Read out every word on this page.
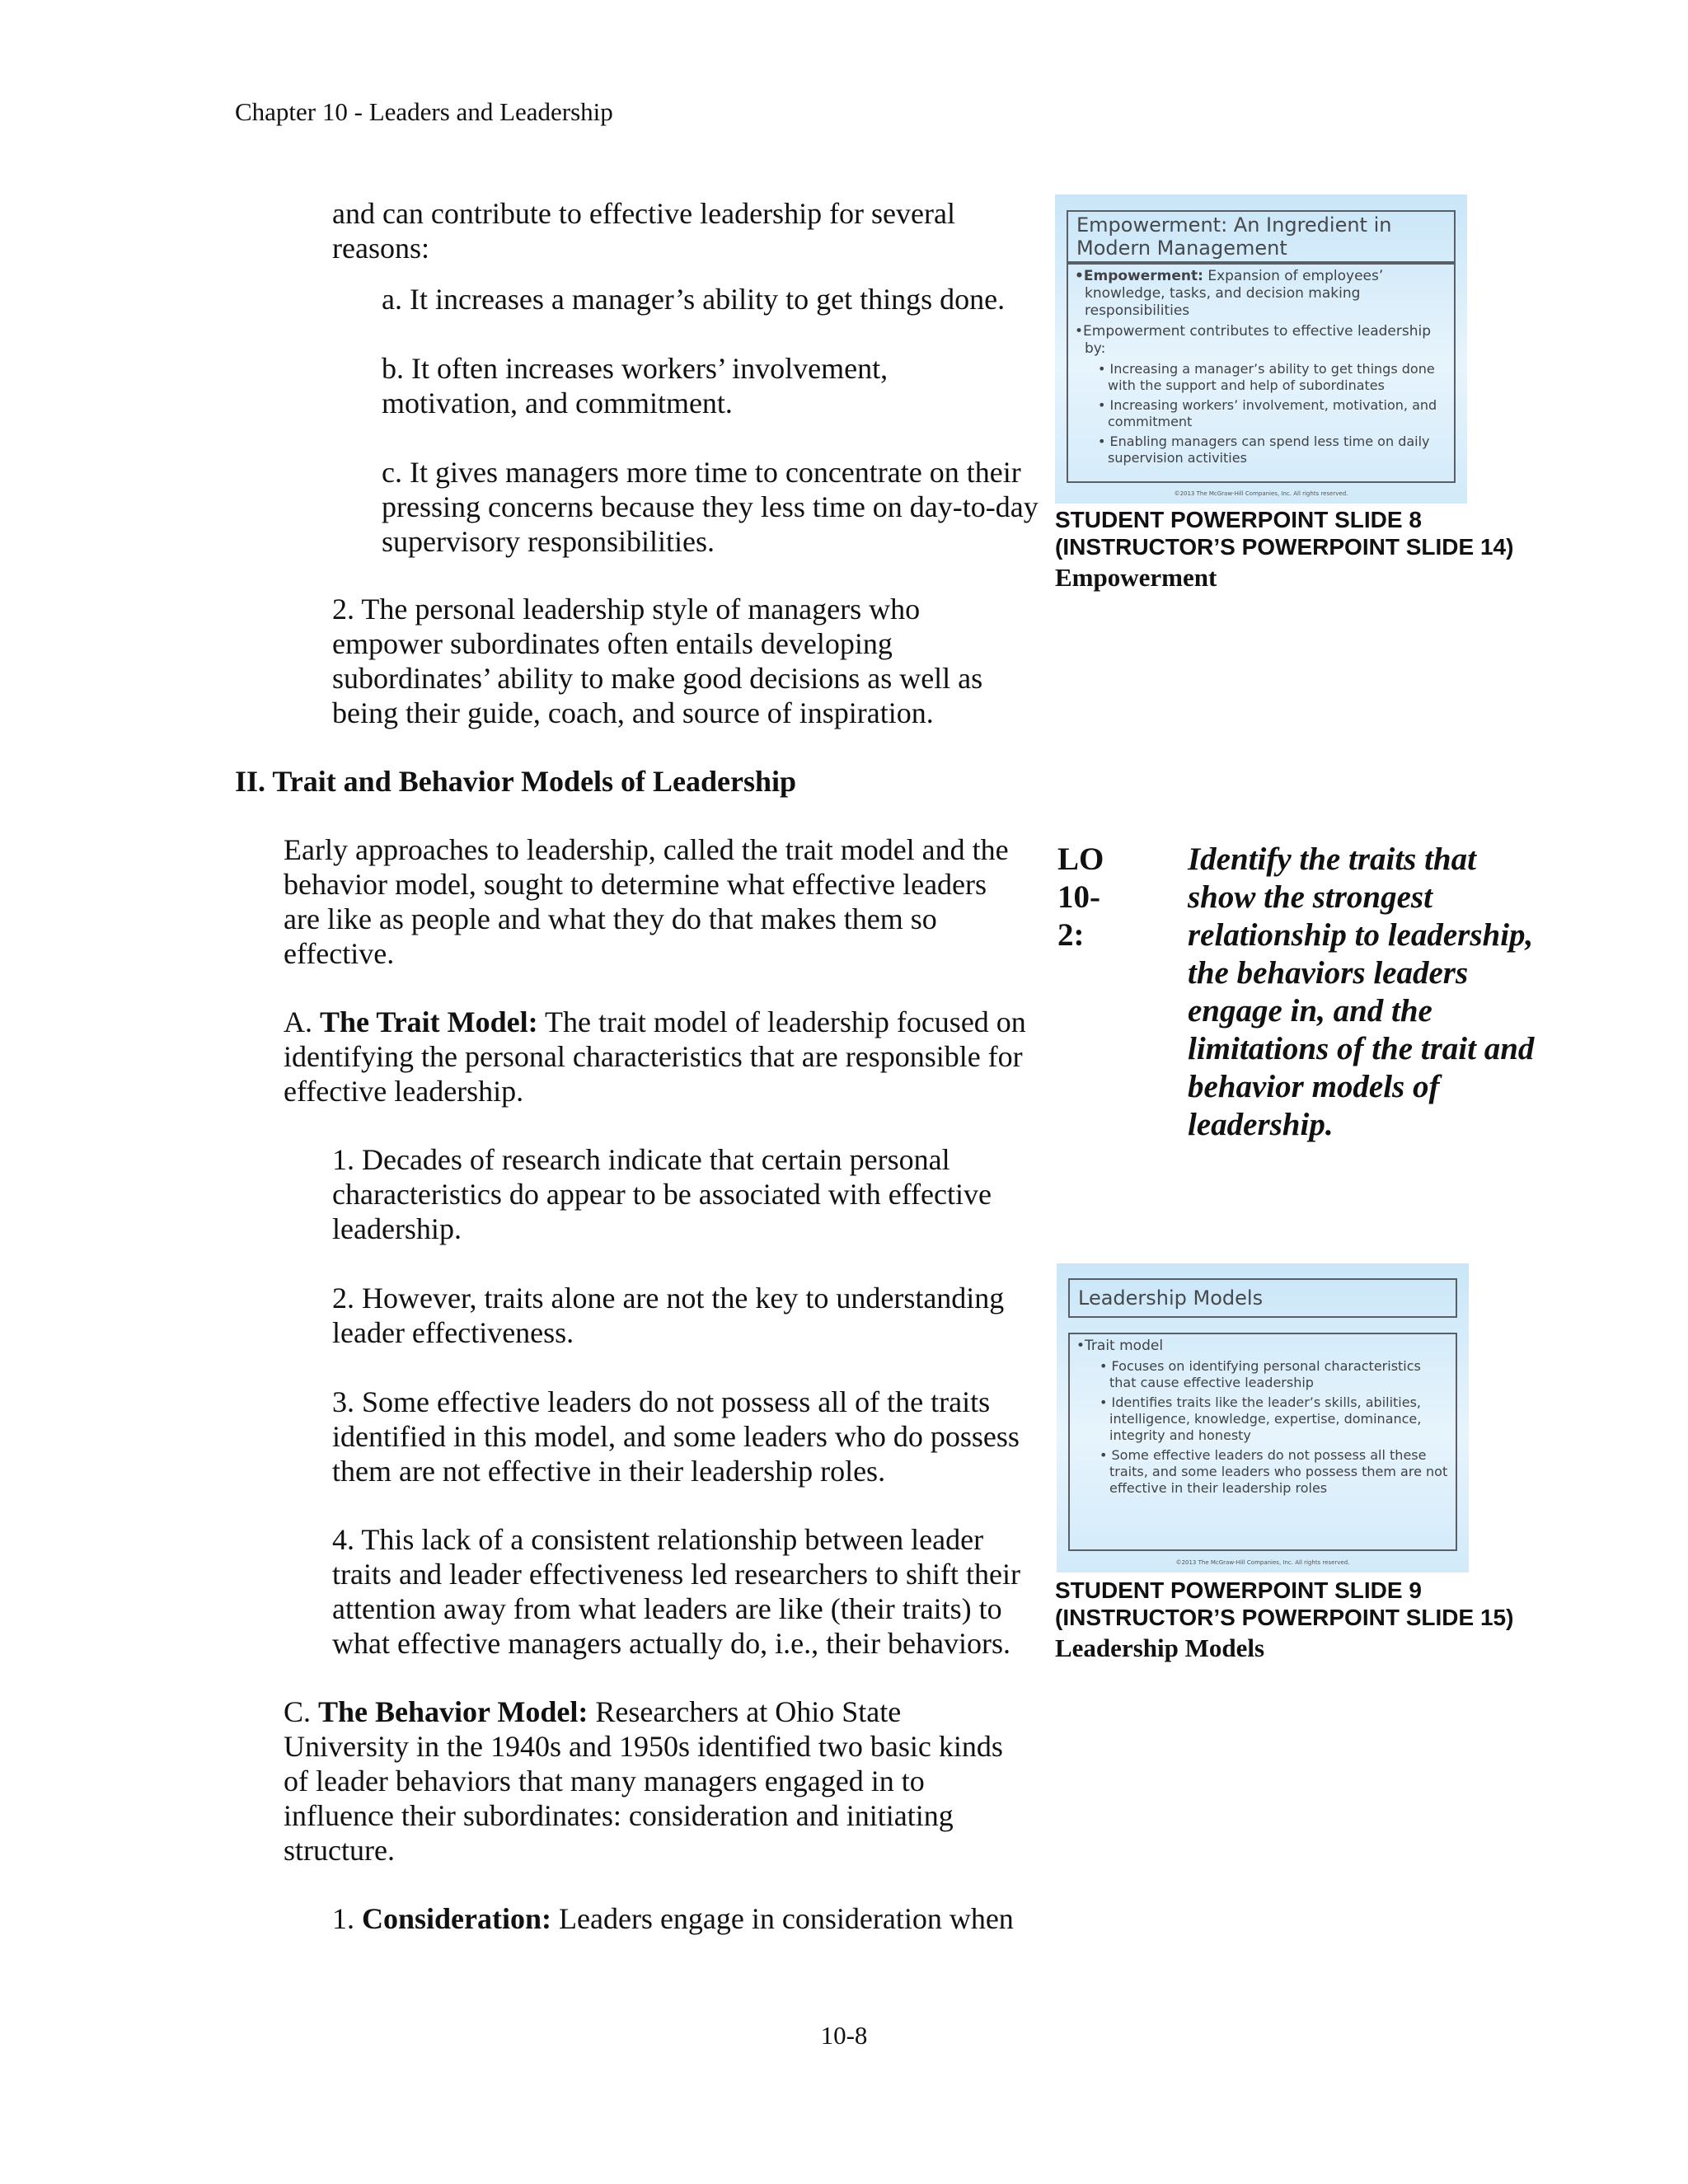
Chapter 10 - Leaders and Leadership

and can contribute to effective leadership for several reasons:

a. It increases a manager’s ability to get things done.

b. It often increases workers’ involvement, motivation, and commitment.

c. It gives managers more time to concentrate on their pressing concerns because they less time on day-to-day supervisory responsibilities.

2. The personal leadership style of managers who empower subordinates often entails developing subordinates’ ability to make good decisions as well as being their guide, coach, and source of inspiration.

II. Trait and Behavior Models of Leadership

Early approaches to leadership, called the trait model and the behavior model, sought to determine what effective leaders are like as people and what they do that makes them so effective.

A. The Trait Model: The trait model of leadership focused on identifying the personal characteristics that are responsible for effective leadership.

1. Decades of research indicate that certain personal characteristics do appear to be associated with effective leadership.

2. However, traits alone are not the key to understanding leader effectiveness.

3. Some effective leaders do not possess all of the traits identified in this model, and some leaders who do possess them are not effective in their leadership roles.

4. This lack of a consistent relationship between leader traits and leader effectiveness led researchers to shift their attention away from what leaders are like (their traits) to what effective managers actually do, i.e., their behaviors.

C. The Behavior Model: Researchers at Ohio State University in the 1940s and 1950s identified two basic kinds of leader behaviors that many managers engaged in to influence their subordinates: consideration and initiating structure.

1. Consideration: Leaders engage in consideration when

Empowerment: An Ingredient in Modern Management

•Empowerment: Expansion of employees’ knowledge, tasks, and decision making responsibilities

•Empowerment contributes to effective leadership by:

• Increasing a manager’s ability to get things done with the support and help of subordinates

• Increasing workers’ involvement, motivation, and commitment

• Enabling managers can spend less time on daily supervision activities

©2013 The McGraw-Hill Companies, Inc. All rights reserved.
STUDENT POWERPOINT SLIDE 8
(INSTRUCTOR’S POWERPOINT SLIDE 14)
Empowerment
LO 10-2:
Identify the traits that show the strongest relationship to leadership, the behaviors leaders engage in, and the limitations of the trait and behavior models of leadership.
Leadership Models

•Trait model

• Focuses on identifying personal characteristics that cause effective leadership

• Identifies traits like the leader’s skills, abilities, intelligence, knowledge, expertise, dominance, integrity and honesty

• Some effective leaders do not possess all these traits, and some leaders who possess them are not effective in their leadership roles

©2013 The McGraw-Hill Companies, Inc. All rights reserved.
STUDENT POWERPOINT SLIDE 9
(INSTRUCTOR’S POWERPOINT SLIDE 15)
Leadership Models
10-8
